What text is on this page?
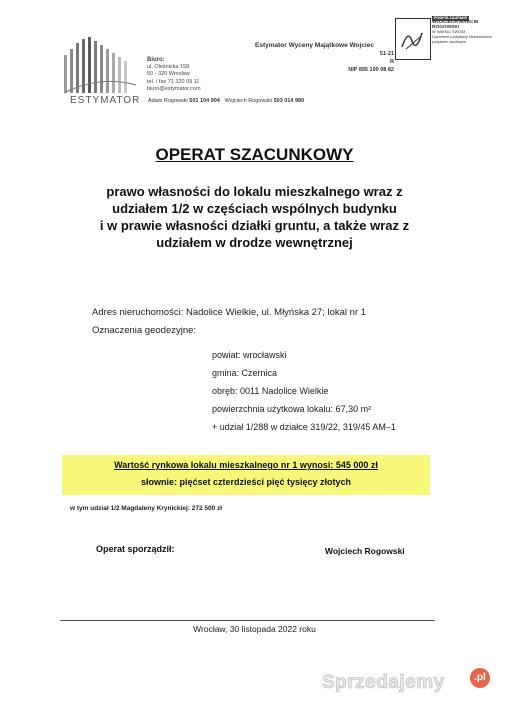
ESTYMATOR
Biuro:
ul. Oleśnicka 158
50 - 320 Wrocław
tel. / fax 71 320 09 11
biuro@estymator.com
Adam Rogowski 501 104 904 Wojciech Rogowski 503 014 980
Estymator Wyceny Majątkowe Wojciec
51-21
R
NIP 895 100 08 82
PODPIS ZAUFANY
WOJCIECH MARCIN
ROGOWSKI
W IMIENIU SWOIM
Dokument podpisany elektronicznie
podpisem zaufanym
OPERAT SZACUNKOWY
prawo własności do lokalu mieszkalnego wraz z
udziałem 1/2 w częściach wspólnych budynku
i w prawie własności działki gruntu, a także wraz z
udziałem w drodze wewnętrznej
Adres nieruchomości: Nadolice Wielkie, ul. Młyńska 27; lokal nr 1
Oznaczenia geodezyjne:
powiat: wrocławski
gmina: Czernica
obręb: 0011 Nadolice Wielkie
powierzchnia użytkowa lokalu: 67,30 m²
+ udział 1/288 w działce 319/22, 319/45 AM–1
Wartość rynkowa lokalu mieszkalnego nr 1 wynosi: 545 000 zł
słownie: pięćset czterdzieści pięć tysięcy złotych
w tym udział 1/2 Magdaleny Krynickiej: 272 500 zł
Operat sporządził:	Wojciech Rogowski
Wrocław, 30 listopada 2022 roku
Sprzedajemy	.pl
